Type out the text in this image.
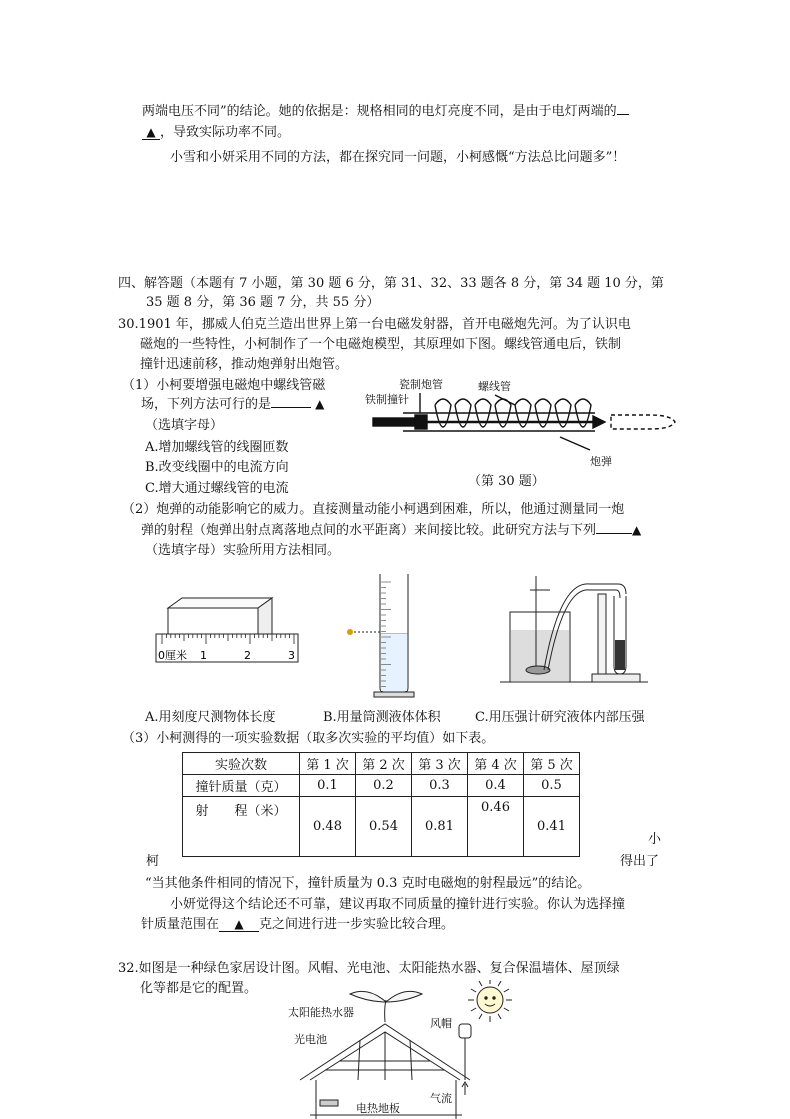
两端电压不同”的结论。她的依据是：规格相同的电灯亮度不同，是由于电灯两端的
▲ ，导致实际功率不同。
小雪和小妍采用不同的方法，都在探究同一问题，小柯感慨“方法总比问题多”！
四、解答题（本题有 7 小题，第 30 题 6 分，第 31、32、33 题各 8 分，第 34 题 10 分，第
35 题 8 分，第 36 题 7 分，共 55 分）
30.1901 年，挪威人伯克兰造出世界上第一台电磁发射器，首开电磁炮先河。为了认识电
磁炮的一些特性，小柯制作了一个电磁炮模型，其原理如下图。螺线管通电后，铁制
撞针迅速前移，推动炮弹射出炮管。
（1）小柯要增强电磁炮中螺线管磁
场，下列方法可行的是	▲
（选填字母）
A.增加螺线管的线圈匝数
B.改变线圈中的电流方向
C.增大通过螺线管的电流
瓷制炮管	螺线管
铁制撞针
炮弹
（第 30 题）
（2）炮弹的动能影响它的威力。直接测量动能小柯遇到困难，所以，他通过测量同一炮
弹的射程（炮弹出射点离落地点间的水平距离）来间接比较。此研究方法与下列	▲
（选填字母）实验所用方法相同。
0厘米 1	2	3
A.用刻度尺测物体长度	B.用量筒测液体体积	C.用压强计研究液体内部压强
（3）小柯测得的一项实验数据（取多次实验的平均值）如下表。
实验次数	第 1 次	第 2 次	第 3 次	第 4 次	第 5 次
撞针质量（克）	0.1	0.2	0.3	0.4	0.5
射　　程（米）	0.48	0.54	0.81	0.46	0.41
小
柯	得出了
“当其他条件相同的情况下，撞针质量为 0.3 克时电磁炮的射程最远”的结论。
小妍觉得这个结论还不可靠，建议再取不同质量的撞针进行实验。你认为选择撞
针质量范围在 ▲ 克之间进行进一步实验比较合理。
32.如图是一种绿色家居设计图。风帽、光电池、太阳能热水器、复合保温墙体、屋顶绿
化等都是它的配置。
太阳能热水器
风帽
光电池
气流
电热地板
